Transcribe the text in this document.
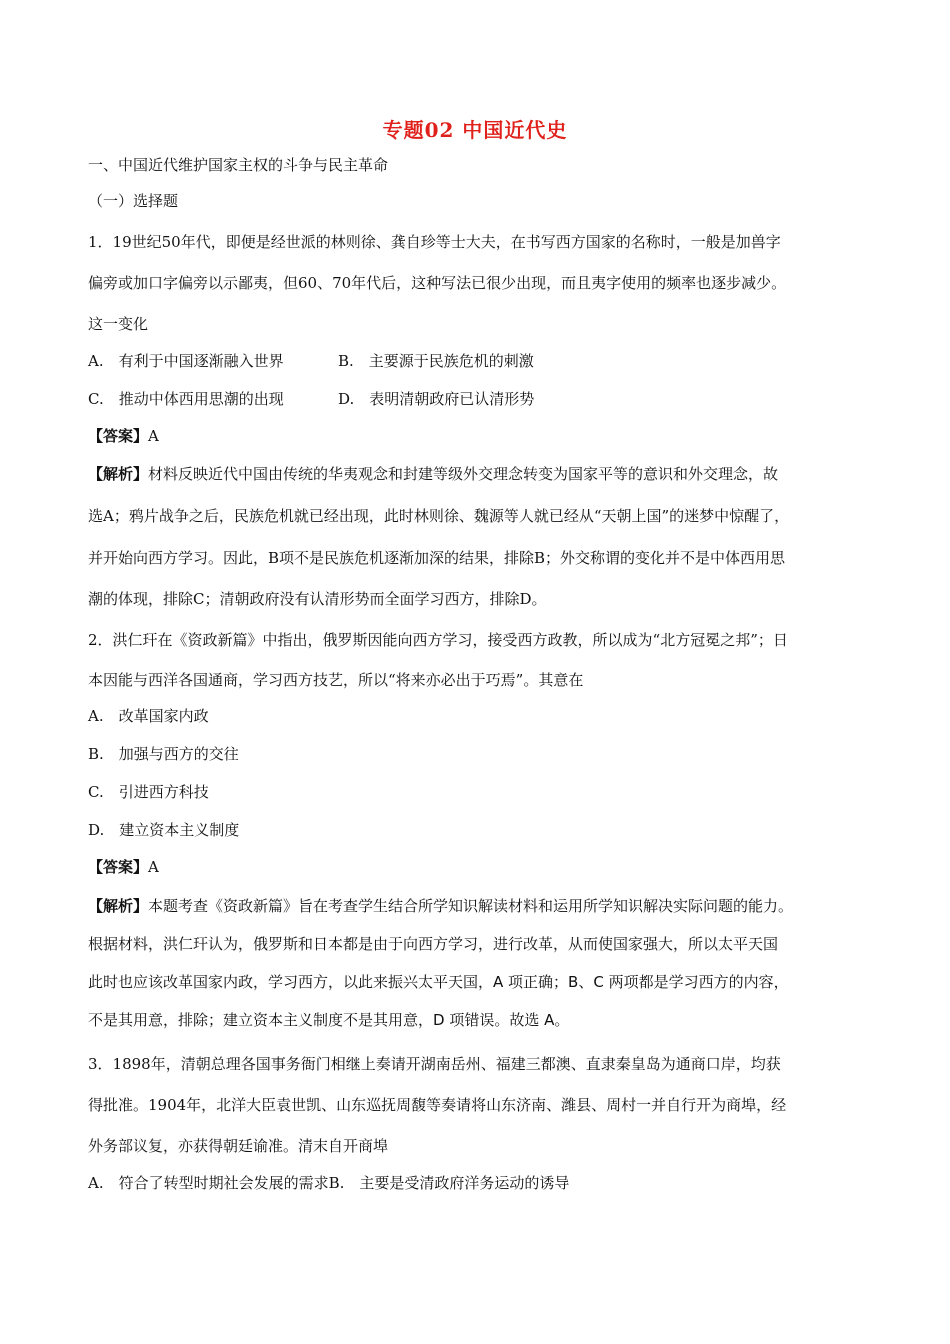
专题02 中国近代史
一、中国近代维护国家主权的斗争与民主革命
（一）选择题
1．19世纪50年代，即便是经世派的林则徐、龚自珍等士大夫，在书写西方国家的名称时，一般是加兽字
偏旁或加口字偏旁以示鄙夷，但60、70年代后，这种写法已很少出现，而且夷字使用的频率也逐步减少。
这一变化
A.　有利于中国逐渐融入世界	B.　主要源于民族危机的刺激
C.　推动中体西用思潮的出现	D.　表明清朝政府已认清形势
【答案】A
【解析】材料反映近代中国由传统的华夷观念和封建等级外交理念转变为国家平等的意识和外交理念，故
选A；鸦片战争之后，民族危机就已经出现，此时林则徐、魏源等人就已经从“天朝上国”的迷梦中惊醒了，
并开始向西方学习。因此，B项不是民族危机逐渐加深的结果，排除B；外交称谓的变化并不是中体西用思
潮的体现，排除C；清朝政府没有认清形势而全面学习西方，排除D。
2．洪仁玕在《资政新篇》中指出，俄罗斯因能向西方学习，接受西方政教，所以成为“北方冠冕之邦”；日
本因能与西洋各国通商，学习西方技艺，所以“将来亦必出于巧焉”。其意在
A.　改革国家内政
B.　加强与西方的交往
C.　引进西方科技
D.　建立资本主义制度
【答案】A
【解析】本题考查《资政新篇》旨在考查学生结合所学知识解读材料和运用所学知识解决实际问题的能力。
根据材料，洪仁玕认为，俄罗斯和日本都是由于向西方学习，进行改革，从而使国家强大，所以太平天国
此时也应该改革国家内政，学习西方，以此来振兴太平天国，A 项正确；B、C 两项都是学习西方的内容，
不是其用意，排除；建立资本主义制度不是其用意，D 项错误。故选 A。
3．1898年，清朝总理各国事务衙门相继上奏请开湖南岳州、福建三都澳、直隶秦皇岛为通商口岸，均获
得批准。1904年，北洋大臣袁世凯、山东巡抚周馥等奏请将山东济南、潍县、周村一并自行开为商埠，经
外务部议复，亦获得朝廷谕准。清末自开商埠
A.　符合了转型时期社会发展的需求B.　主要是受清政府洋务运动的诱导
